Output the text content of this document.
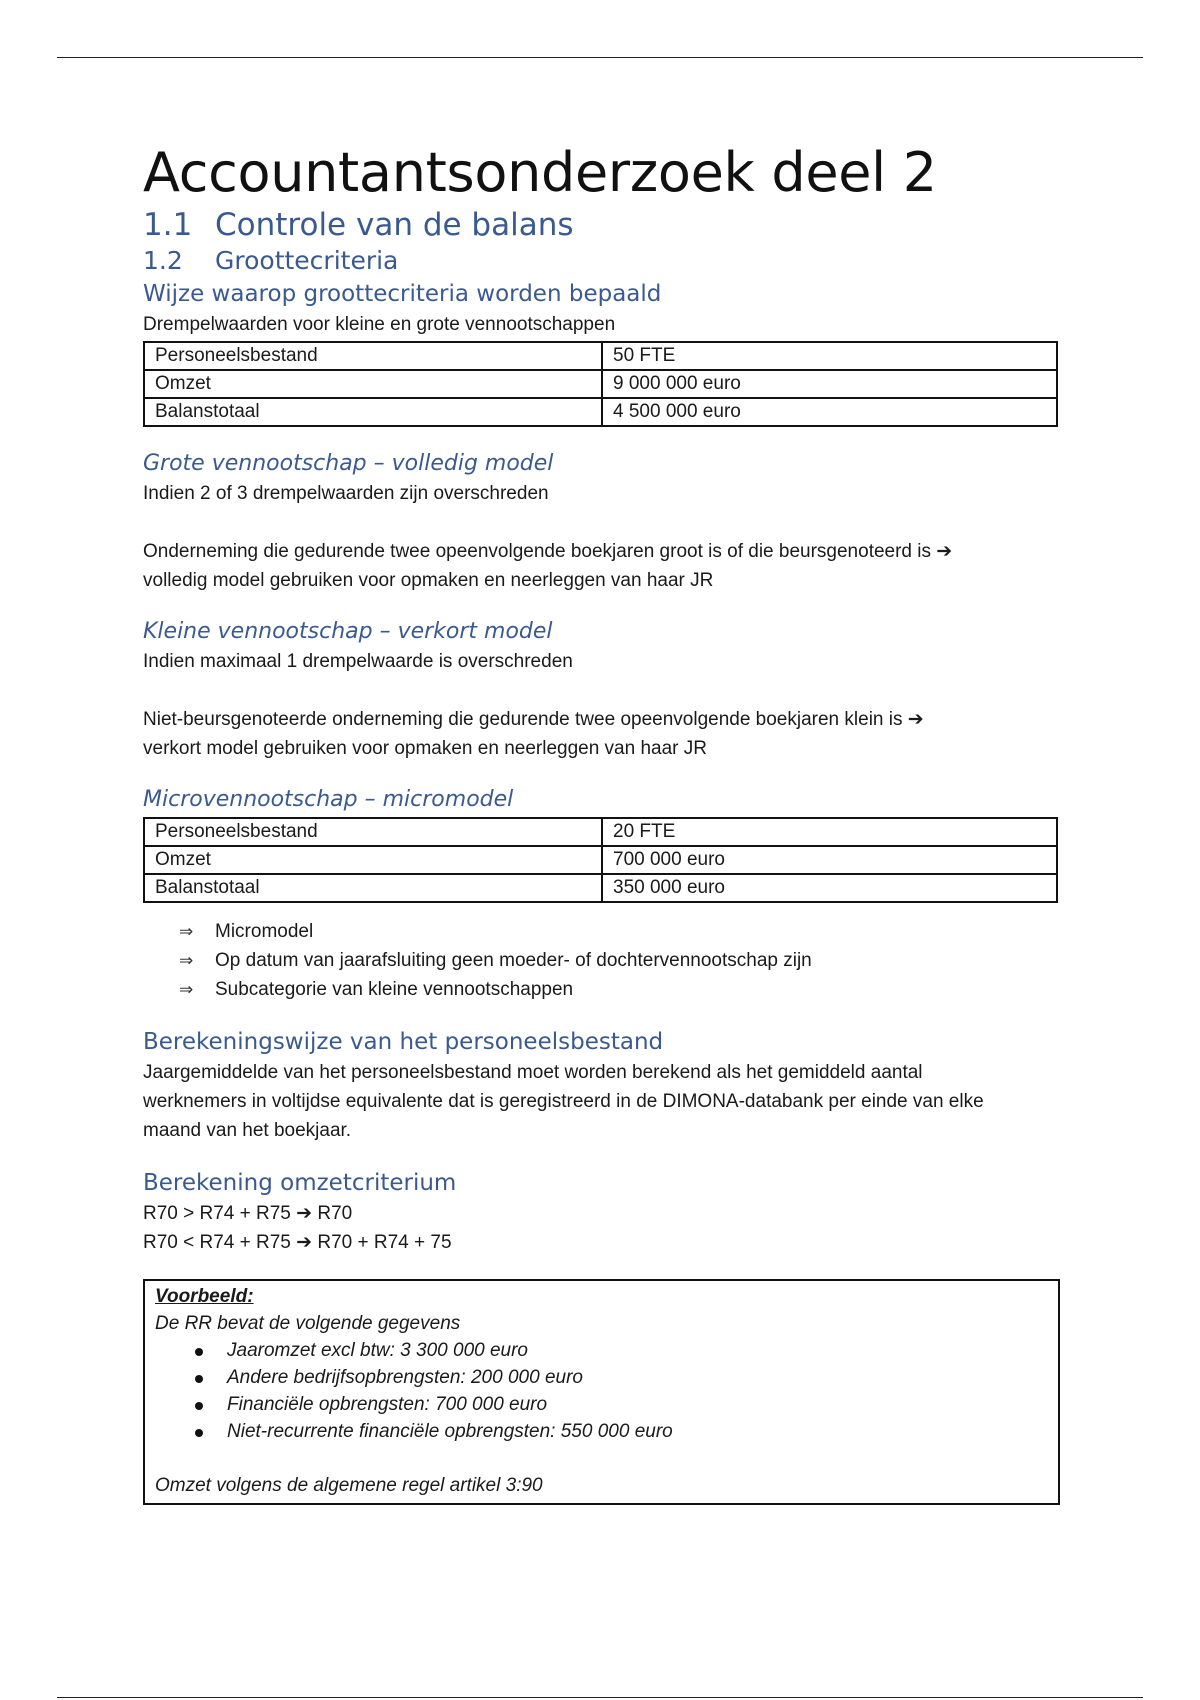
Accountantsonderzoek deel 2
1.1 Controle van de balans
1.2 Groottecriteria
Wijze waarop groottecriteria worden bepaald

Drempelwaarden voor kleine en grote vennootschappen

Personeelsbestand	50 FTE
Omzet	9 000 000 euro
Balanstotaal	4 500 000 euro
Grote vennootschap – volledig model

Indien 2 of 3 drempelwaarden zijn overschreden

Onderneming die gedurende twee opeenvolgende boekjaren groot is of die beursgenoteerd is ➔
volledig model gebruiken voor opmaken en neerleggen van haar JR

Kleine vennootschap – verkort model

Indien maximaal 1 drempelwaarde is overschreden

Niet-beursgenoteerde onderneming die gedurende twee opeenvolgende boekjaren klein is ➔
verkort model gebruiken voor opmaken en neerleggen van haar JR

Microvennootschap – micromodel
Personeelsbestand	20 FTE
Omzet	700 000 euro
Balanstotaal	350 000 euro
⇒ Micromodel
⇒ Op datum van jaarafsluiting geen moeder- of dochtervennootschap zijn
⇒ Subcategorie van kleine vennootschappen
Berekeningswijze van het personeelsbestand

Jaargemiddelde van het personeelsbestand moet worden berekend als het gemiddeld aantal
werknemers in voltijdse equivalente dat is geregistreerd in de DIMONA-databank per einde van elke
maand van het boekjaar.

Berekening omzetcriterium

R70 > R74 + R75 ➔ R70

R70 < R74 + R75 ➔ R70 + R74 + 75

Voorbeeld:
De RR bevat de volgende gegevens
Jaaromzet excl btw: 3 300 000 euro
Andere bedrijfsopbrengsten: 200 000 euro
Financiële opbrengsten: 700 000 euro
Niet-recurrente financiële opbrengsten: 550 000 euro
Omzet volgens de algemene regel artikel 3:90
